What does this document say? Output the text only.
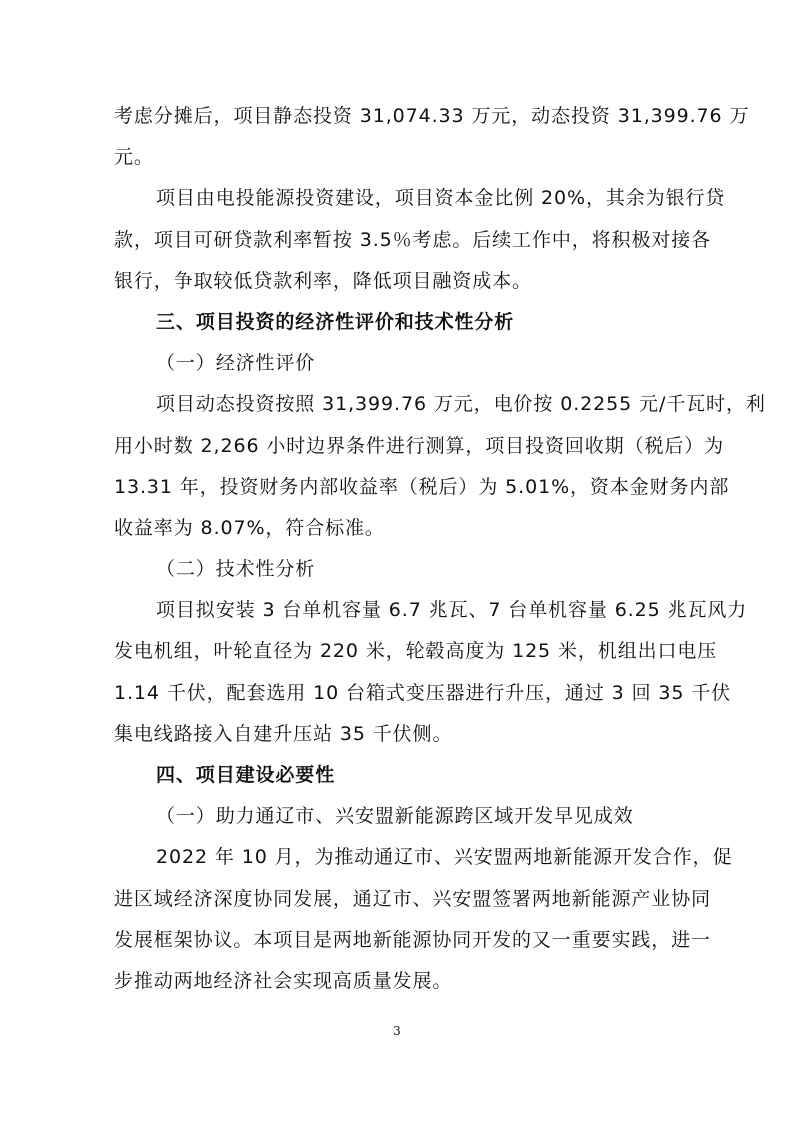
考虑分摊后，项目静态投资 31,074.33 万元，动态投资 31,399.76 万
元。
项目由电投能源投资建设，项目资本金比例 20%，其余为银行贷
款，项目可研贷款利率暂按 3.5％考虑。后续工作中，将积极对接各
银行，争取较低贷款利率，降低项目融资成本。
三、项目投资的经济性评价和技术性分析
（一）经济性评价
项目动态投资按照 31,399.76 万元，电价按 0.2255 元/千瓦时，利
用小时数 2,266 小时边界条件进行测算，项目投资回收期（税后）为
13.31 年，投资财务内部收益率（税后）为 5.01%，资本金财务内部
收益率为 8.07%，符合标准。
（二）技术性分析
项目拟安装 3 台单机容量 6.7 兆瓦、7 台单机容量 6.25 兆瓦风力
发电机组，叶轮直径为 220 米，轮毂高度为 125 米，机组出口电压
1.14 千伏，配套选用 10 台箱式变压器进行升压，通过 3 回 35 千伏
集电线路接入自建升压站 35 千伏侧。
四、项目建设必要性
（一）助力通辽市、兴安盟新能源跨区域开发早见成效
2022 年 10 月，为推动通辽市、兴安盟两地新能源开发合作，促
进区域经济深度协同发展，通辽市、兴安盟签署两地新能源产业协同
发展框架协议。本项目是两地新能源协同开发的又一重要实践，进一
步推动两地经济社会实现高质量发展。
3
